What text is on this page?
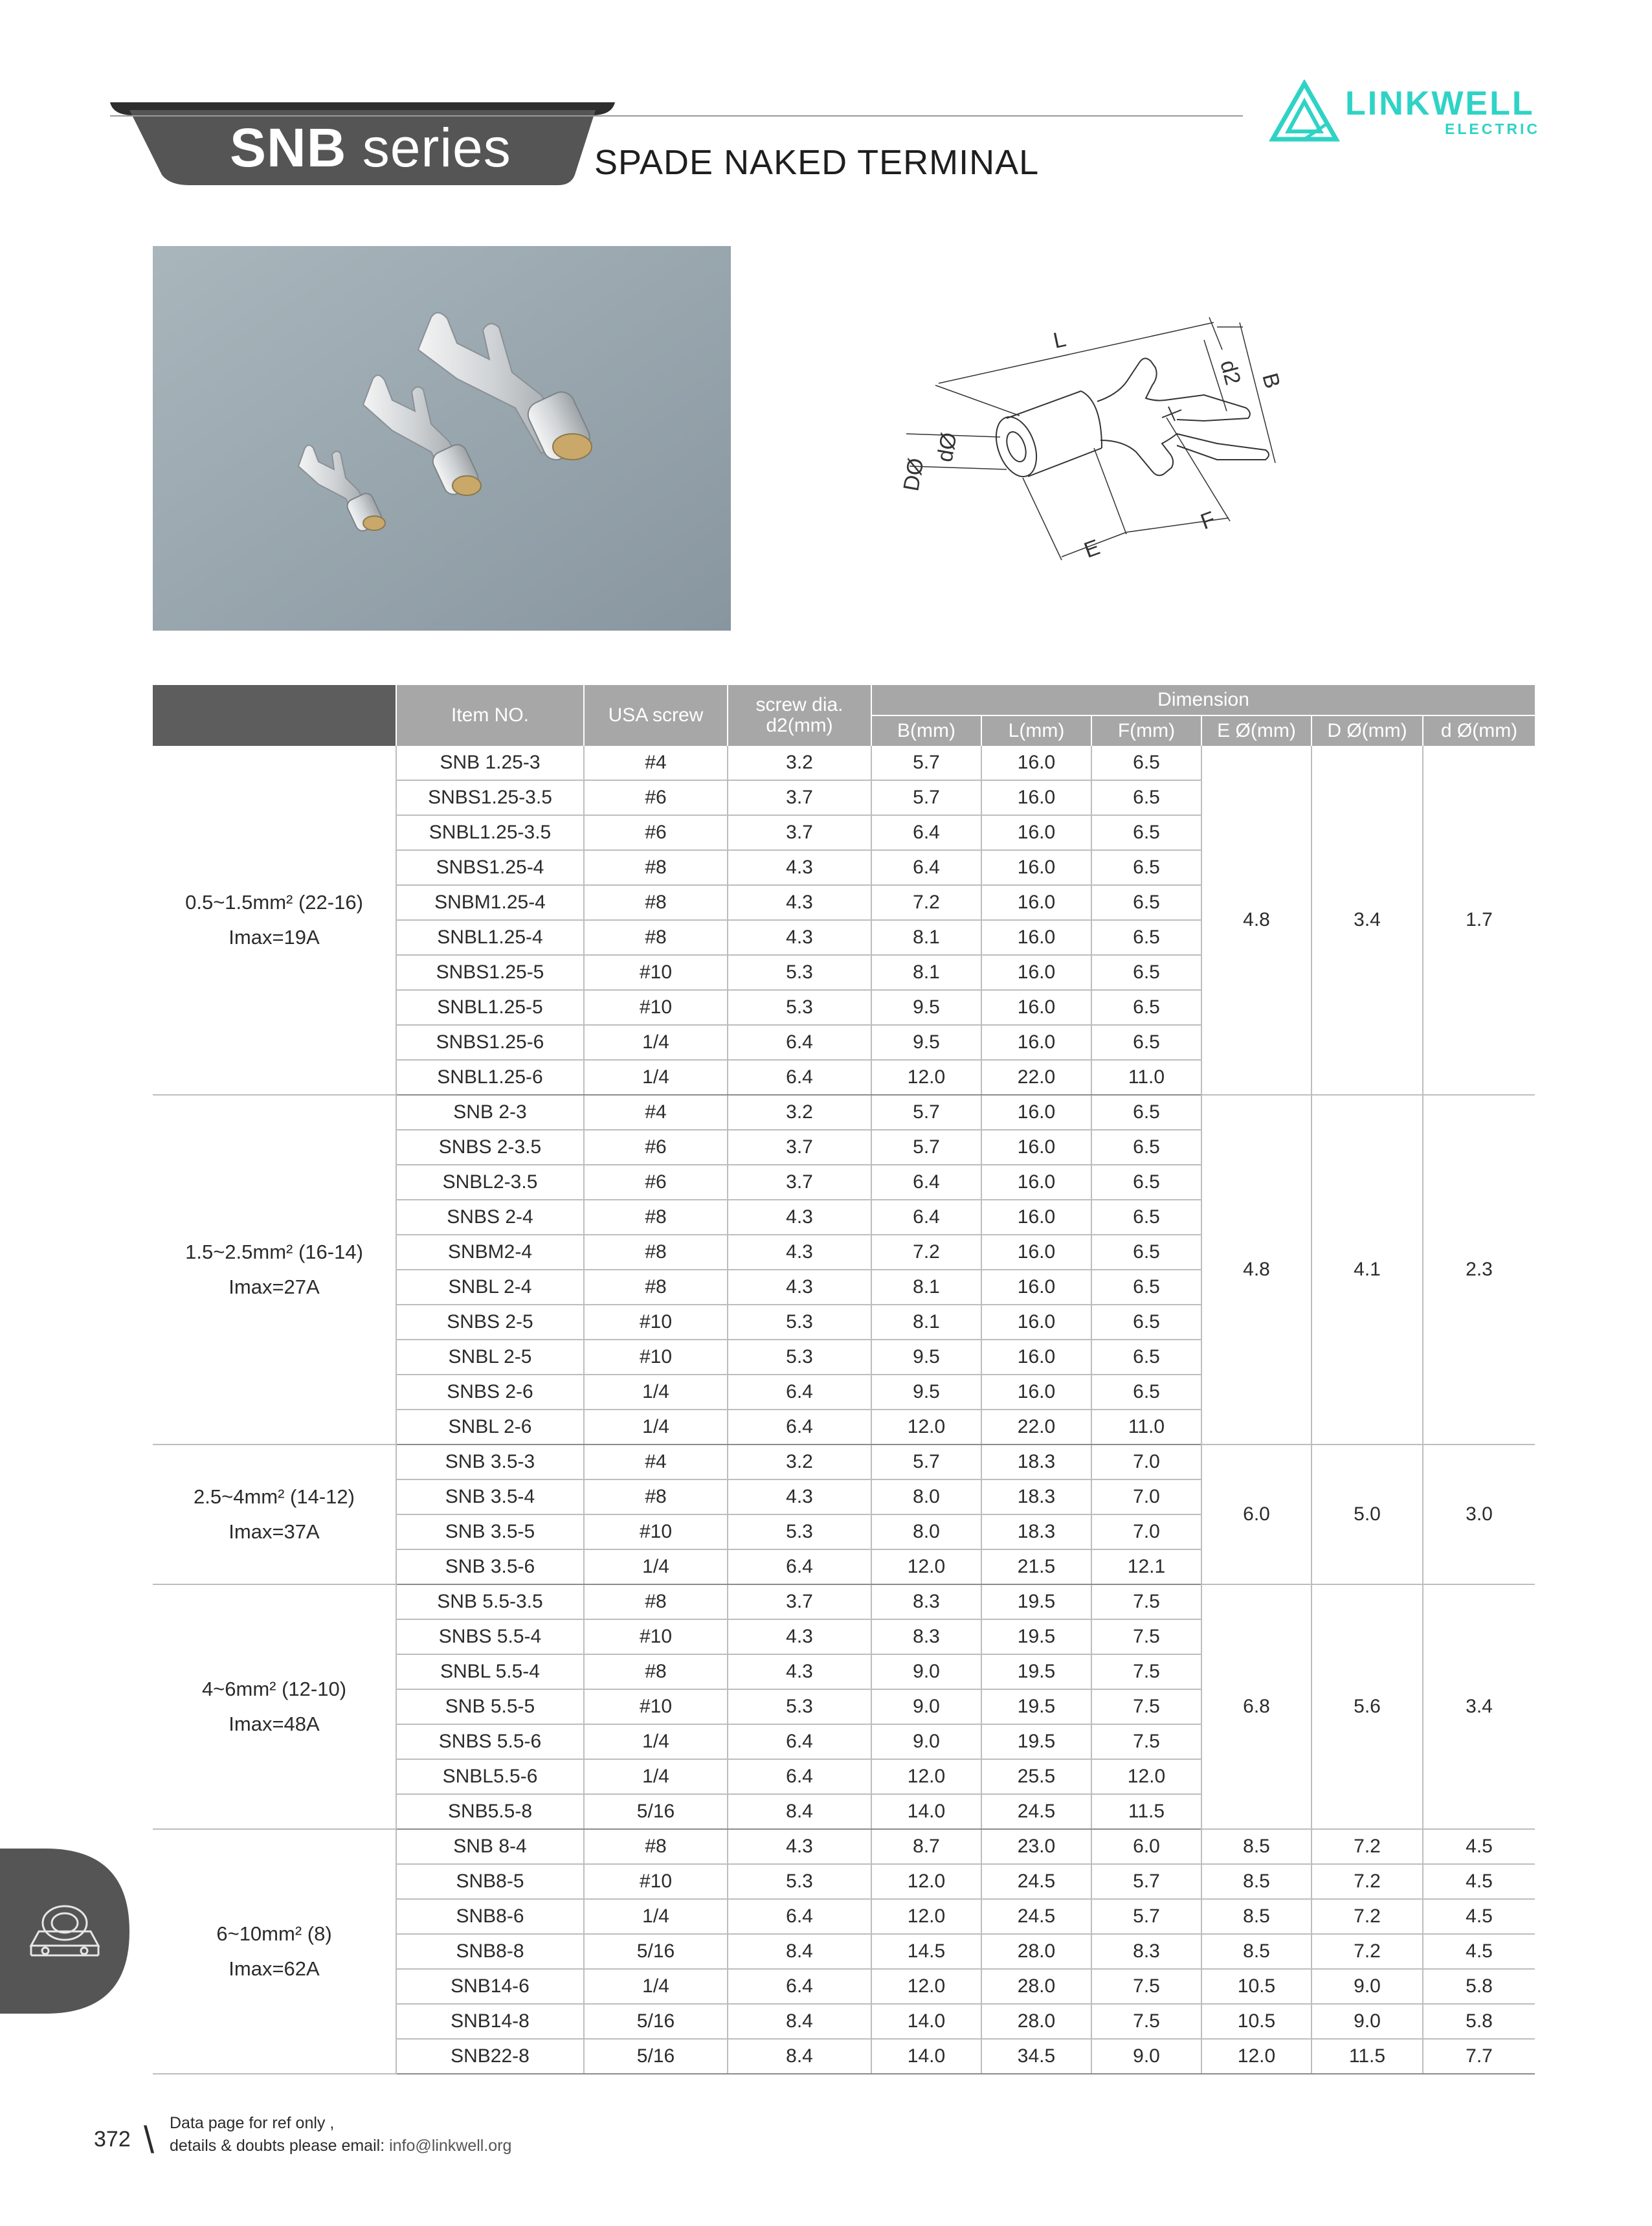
SNB series SPADE NAKED TERMINAL
LINKWELL
ELECTRIC
L
B
d2
dØ
DØ
E
F
	Item NO.	USA screw	screw dia.
d2(mm)	Dimension					
				B(mm)	L(mm)	F(mm)	E Ø(mm)	D Ø(mm)	d Ø(mm)
0.5~1.5mm² (22-16)
Imax=19A	SNB 1.25-3	#4	3.2	5.7	16.0	6.5	4.8	3.4	1.7
	SNBS1.25-3.5	#6	3.7	5.7	16.0	6.5			
	SNBL1.25-3.5	#6	3.7	6.4	16.0	6.5			
	SNBS1.25-4	#8	4.3	6.4	16.0	6.5			
	SNBM1.25-4	#8	4.3	7.2	16.0	6.5			
	SNBL1.25-4	#8	4.3	8.1	16.0	6.5			
	SNBS1.25-5	#10	5.3	8.1	16.0	6.5			
	SNBL1.25-5	#10	5.3	9.5	16.0	6.5			
	SNBS1.25-6	1/4	6.4	9.5	16.0	6.5			
	SNBL1.25-6	1/4	6.4	12.0	22.0	11.0			
1.5~2.5mm² (16-14)
Imax=27A	SNB 2-3	#4	3.2	5.7	16.0	6.5	4.8	4.1	2.3
	SNBS 2-3.5	#6	3.7	5.7	16.0	6.5			
	SNBL2-3.5	#6	3.7	6.4	16.0	6.5			
	SNBS 2-4	#8	4.3	6.4	16.0	6.5			
	SNBM2-4	#8	4.3	7.2	16.0	6.5			
	SNBL 2-4	#8	4.3	8.1	16.0	6.5			
	SNBS 2-5	#10	5.3	8.1	16.0	6.5			
	SNBL 2-5	#10	5.3	9.5	16.0	6.5			
	SNBS 2-6	1/4	6.4	9.5	16.0	6.5			
	SNBL 2-6	1/4	6.4	12.0	22.0	11.0			
2.5~4mm² (14-12)
Imax=37A	SNB 3.5-3	#4	3.2	5.7	18.3	7.0	6.0	5.0	3.0
	SNB 3.5-4	#8	4.3	8.0	18.3	7.0			
	SNB 3.5-5	#10	5.3	8.0	18.3	7.0			
	SNB 3.5-6	1/4	6.4	12.0	21.5	12.1			
4~6mm² (12-10)
Imax=48A	SNB 5.5-3.5	#8	3.7	8.3	19.5	7.5	6.8	5.6	3.4
	SNBS 5.5-4	#10	4.3	8.3	19.5	7.5			
	SNBL 5.5-4	#8	4.3	9.0	19.5	7.5			
	SNB 5.5-5	#10	5.3	9.0	19.5	7.5			
	SNBS 5.5-6	1/4	6.4	9.0	19.5	7.5			
	SNBL5.5-6	1/4	6.4	12.0	25.5	12.0			
	SNB5.5-8	5/16	8.4	14.0	24.5	11.5			
6~10mm² (8)
Imax=62A	SNB 8-4	#8	4.3	8.7	23.0	6.0	8.5	7.2	4.5
	SNB8-5	#10	5.3	12.0	24.5	5.7	8.5	7.2	4.5
	SNB8-6	1/4	6.4	12.0	24.5	5.7	8.5	7.2	4.5
	SNB8-8	5/16	8.4	14.5	28.0	8.3	8.5	7.2	4.5
	SNB14-6	1/4	6.4	12.0	28.0	7.5	10.5	9.0	5.8
	SNB14-8	5/16	8.4	14.0	28.0	7.5	10.5	9.0	5.8
	SNB22-8	5/16	8.4	14.0	34.5	9.0	12.0	11.5	7.7
372 \ Data page for ref only ,
details & doubts please email: info@linkwell.org
